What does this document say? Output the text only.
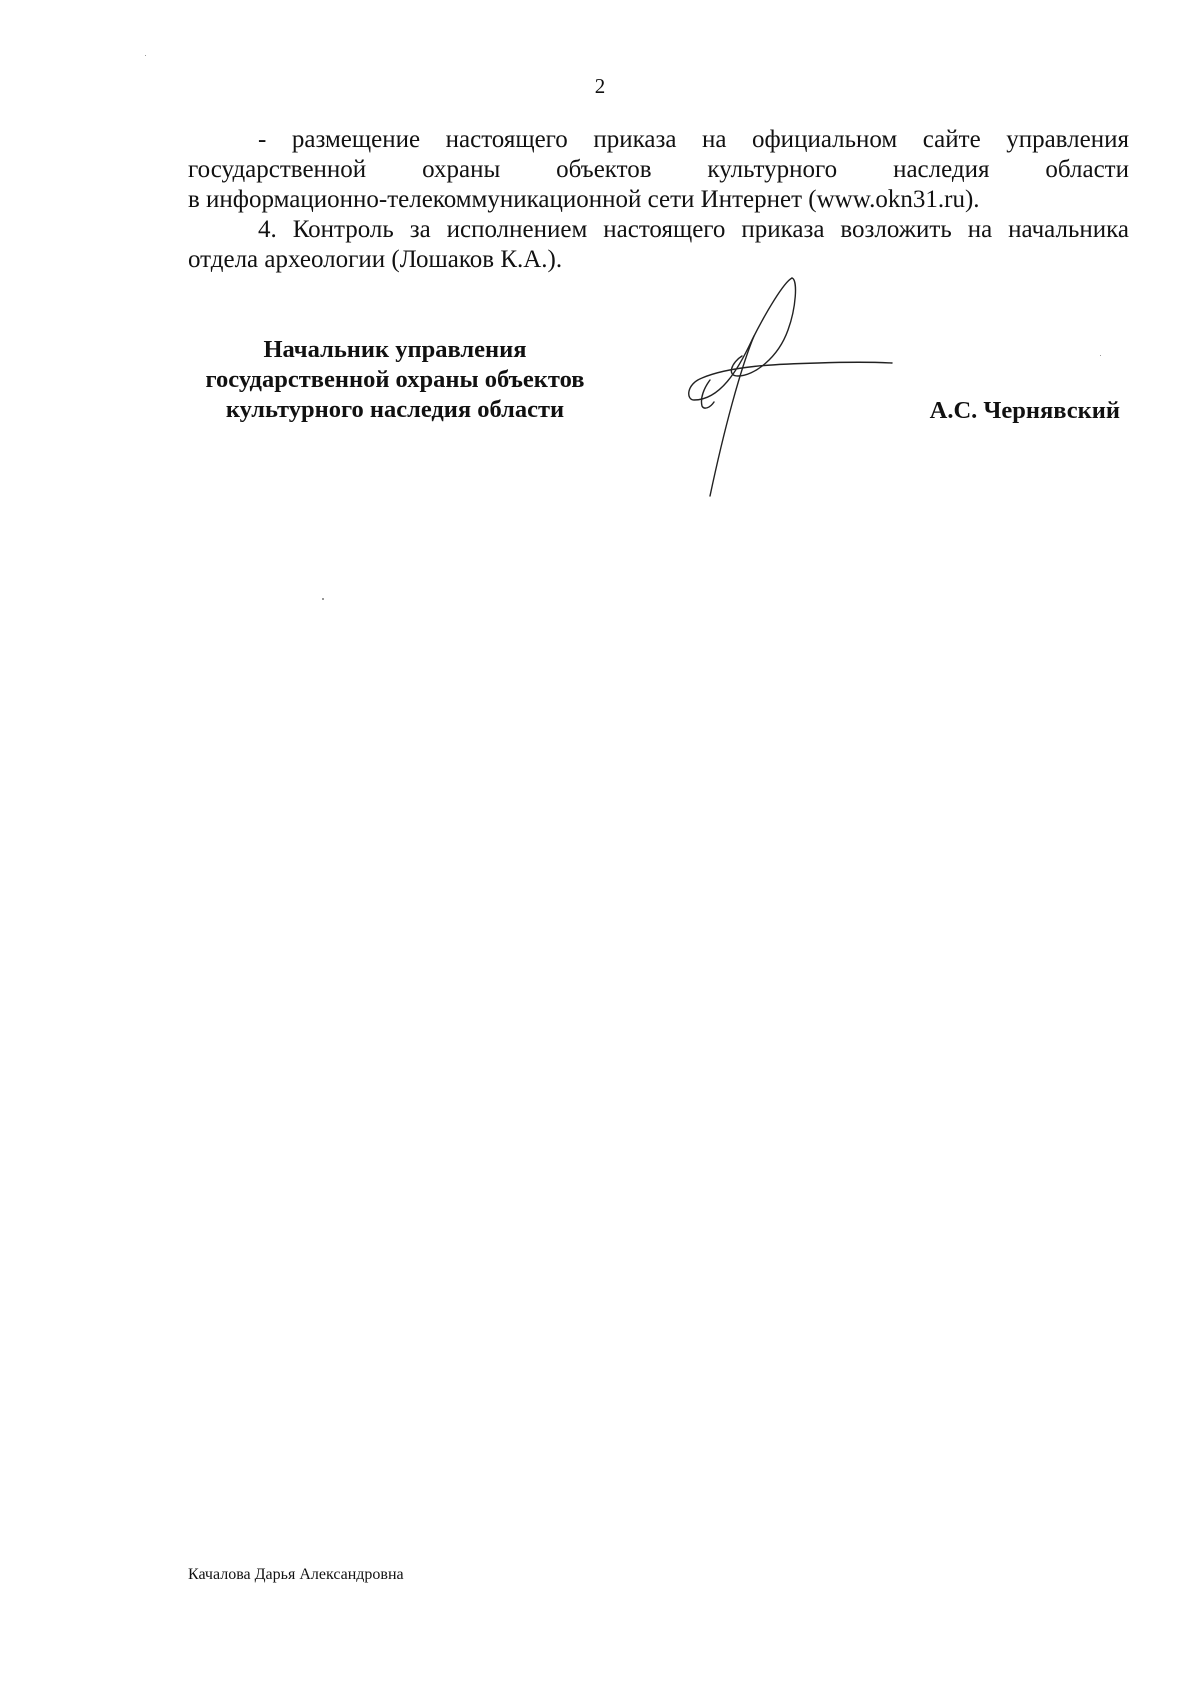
2

- размещение настоящего приказа на официальном сайте управления
государственной охраны объектов культурного наследия области
в информационно-телекоммуникационной сети Интернет (www.okn31.ru).

4. Контроль за исполнением настоящего приказа возложить на начальника
отдела археологии (Лошаков К.А.).

Начальник управления
государственной охраны объектов
культурного наследия области	А.С. Чернявский
Качалова Дарья Александровна
